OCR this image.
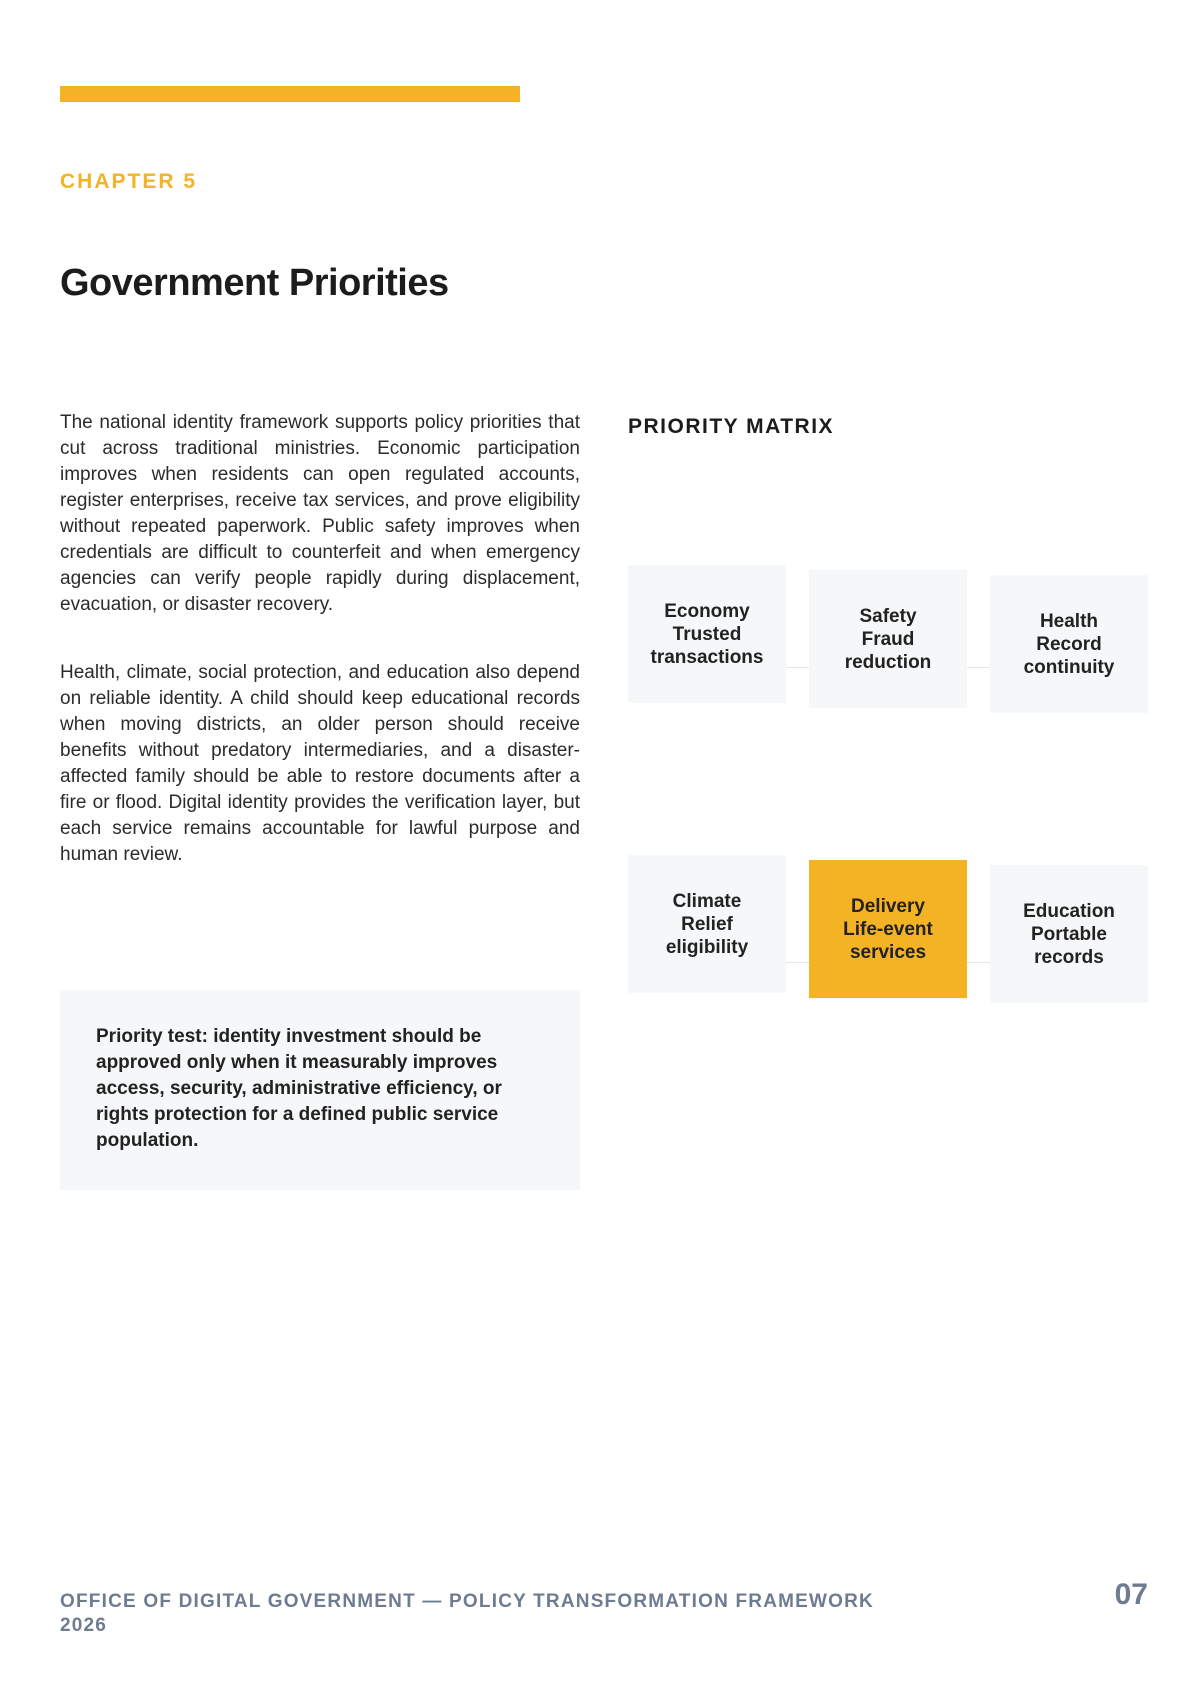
CHAPTER 5
Government Priorities

The national identity framework supports policy priorities that cut across traditional ministries. Economic participation improves when residents can open regulated accounts, register enterprises, receive tax services, and prove eligibility without repeated paperwork. Public safety improves when credentials are difficult to counterfeit and when emergency agencies can verify people rapidly during displacement, evacuation, or disaster recovery.

Health, climate, social protection, and education also depend on reliable identity. A child should keep educational records when moving districts, an older person should receive benefits without predatory intermediaries, and a disaster-affected family should be able to restore documents after a fire or flood. Digital identity provides the verification layer, but each service remains accountable for lawful purpose and human review.

Priority test: identity investment should be approved only when it measurably improves access, security, administrative efficiency, or rights protection for a defined public service population.
PRIORITY MATRIX
Economy
Trusted
transactions
Safety
Fraud
reduction
Health
Record
continuity
Climate
Relief
eligibility
Delivery
Life-event
services
Education
Portable
records
OFFICE OF DIGITAL GOVERNMENT — POLICY TRANSFORMATION FRAMEWORK 2026
07
